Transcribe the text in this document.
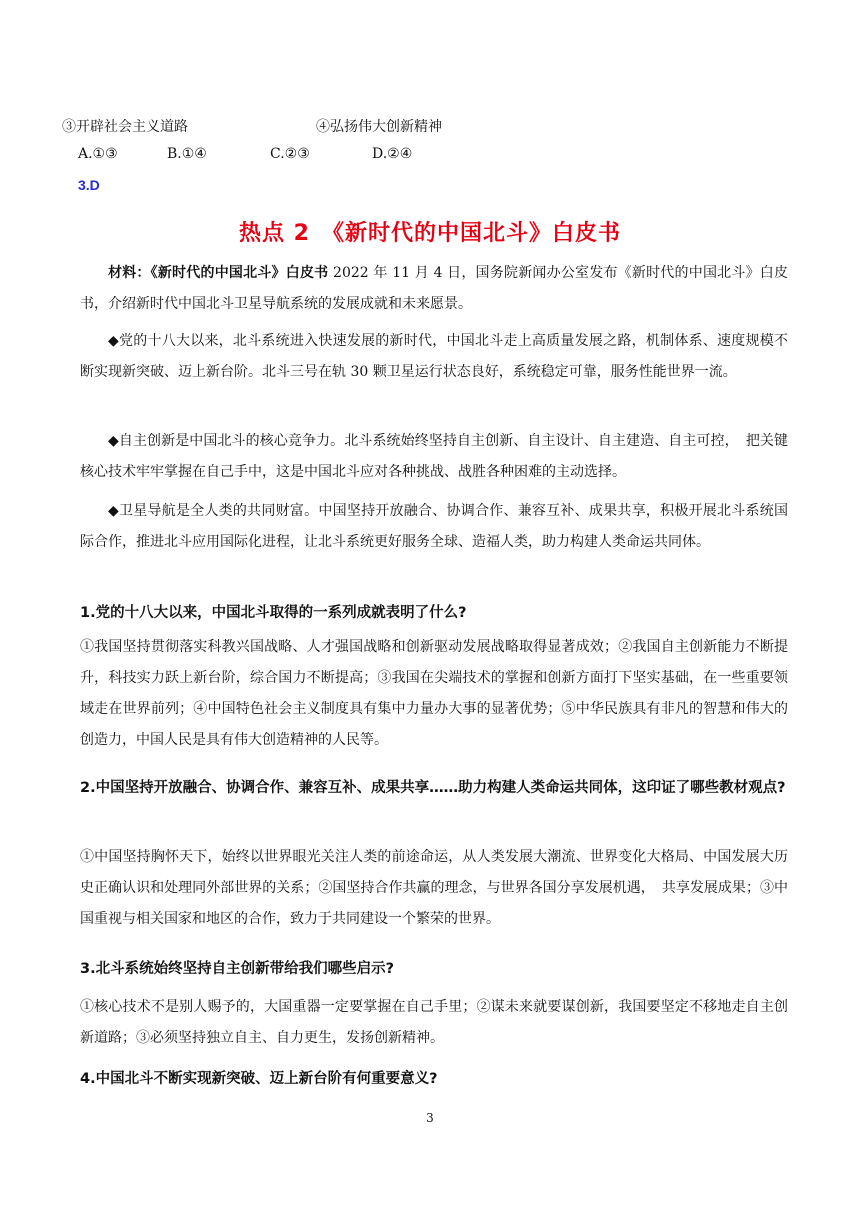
③开辟社会主义道路	④弘扬伟大创新精神
A.①③	B.①④	C.②③	D.②④
3.D
热点 2　《新时代的中国北斗》白皮书
材料：《新时代的中国北斗》白皮书 2022 年 11 月 4 日，国务院新闻办公室发布《新时代的中国北斗》白皮书，介绍新时代中国北斗卫星导航系统的发展成就和未来愿景。
◆党的十八大以来，北斗系统进入快速发展的新时代，中国北斗走上高质量发展之路，机制体系、速度规模不断实现新突破、迈上新台阶。北斗三号在轨 30 颗卫星运行状态良好，系统稳定可靠，服务性能世界一流。
◆自主创新是中国北斗的核心竞争力。北斗系统始终坚持自主创新、自主设计、自主建造、自主可控，　把关键核心技术牢牢掌握在自己手中，这是中国北斗应对各种挑战、战胜各种困难的主动选择。
◆卫星导航是全人类的共同财富。中国坚持开放融合、协调合作、兼容互补、成果共享，积极开展北斗系统国际合作，推进北斗应用国际化进程，让北斗系统更好服务全球、造福人类，助力构建人类命运共同体。
1.党的十八大以来，中国北斗取得的一系列成就表明了什么?
①我国坚持贯彻落实科教兴国战略、人才强国战略和创新驱动发展战略取得显著成效；②我国自主创新能力不断提升，科技实力跃上新台阶，综合国力不断提高；③我国在尖端技术的掌握和创新方面打下坚实基础，在一些重要领域走在世界前列；④中国特色社会主义制度具有集中力量办大事的显著优势；⑤中华民族具有非凡的智慧和伟大的创造力，中国人民是具有伟大创造精神的人民等。
2.中国坚持开放融合、协调合作、兼容互补、成果共享……助力构建人类命运共同体，这印证了哪些教材观点?
①中国坚持胸怀天下，始终以世界眼光关注人类的前途命运，从人类发展大潮流、世界变化大格局、中国发展大历史正确认识和处理同外部世界的关系；②国坚持合作共赢的理念，与世界各国分享发展机遇，　共享发展成果；③中国重视与相关国家和地区的合作，致力于共同建设一个繁荣的世界。
3.北斗系统始终坚持自主创新带给我们哪些启示?
①核心技术不是别人赐予的，大国重器一定要掌握在自己手里；②谋未来就要谋创新，我国要坚定不移地走自主创新道路；③必须坚持独立自主、自力更生，发扬创新精神。
4.中国北斗不断实现新突破、迈上新台阶有何重要意义?
3
